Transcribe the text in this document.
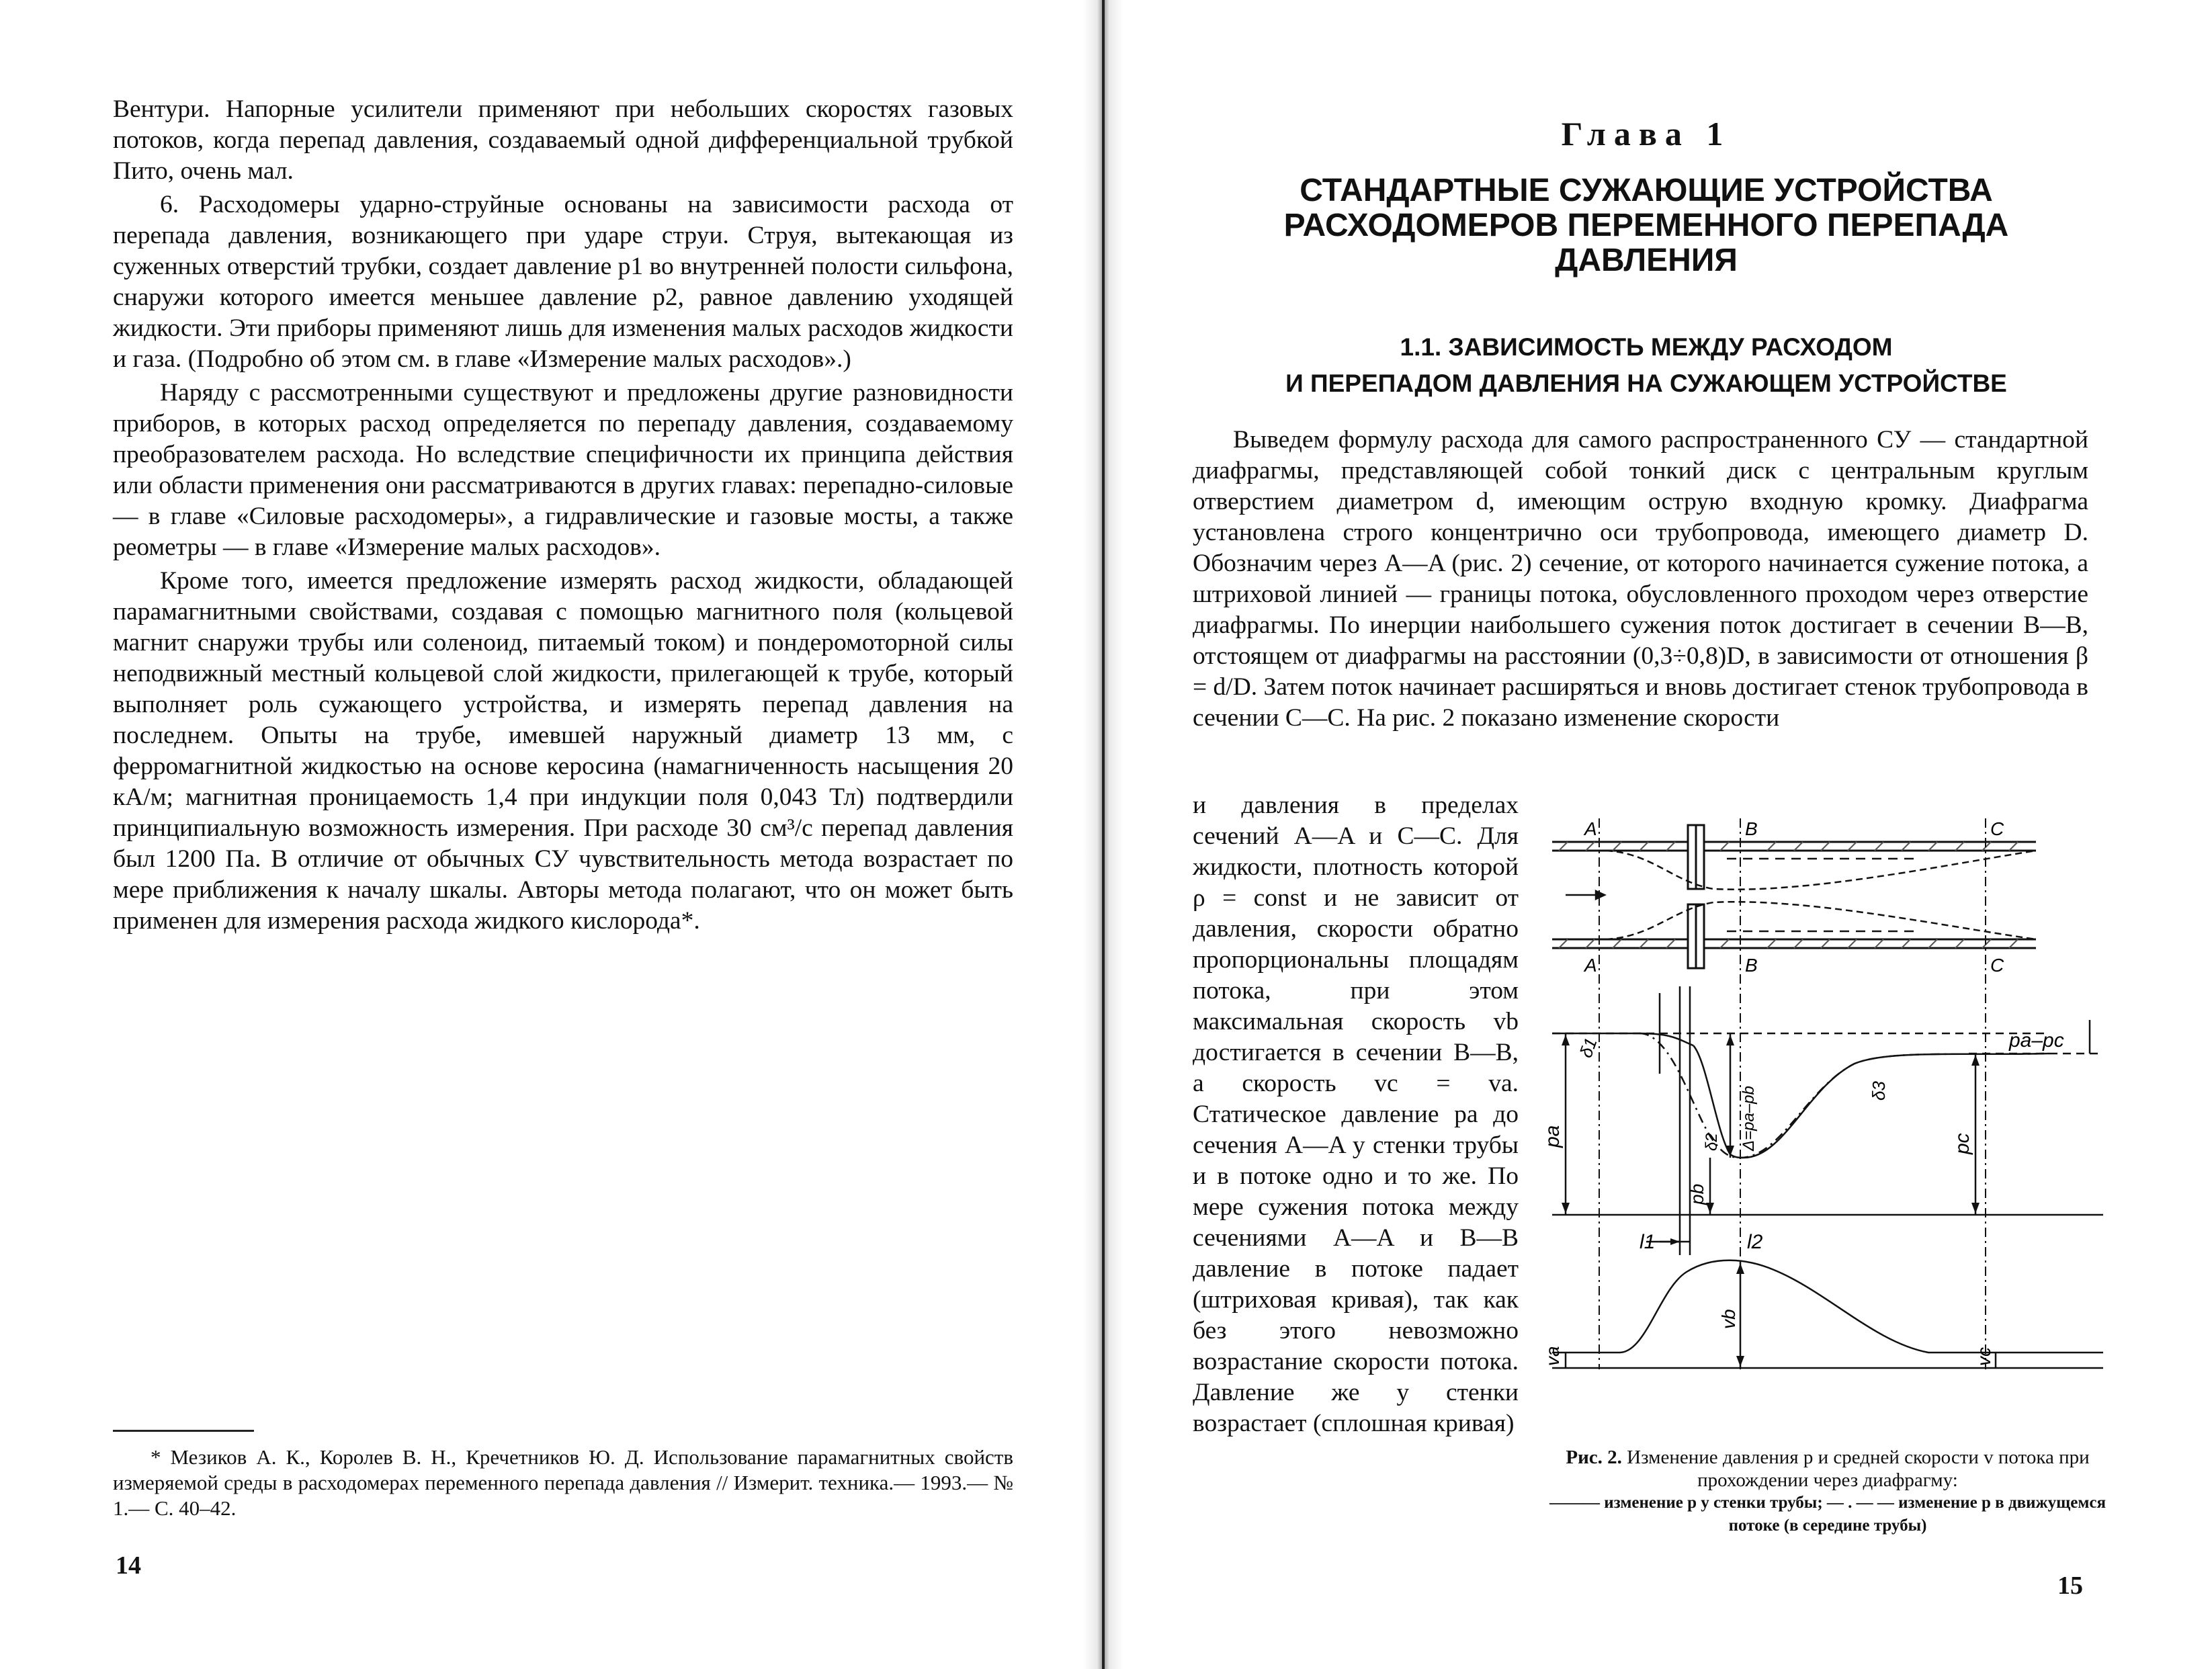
Вентури. Напорные усилители применяют при небольших скоростях газовых потоков, когда перепад давления, создаваемый одной дифференциальной трубкой Пито, очень мал.

6. Расходомеры ударно-струйные основаны на зависимости расхода от перепада давления, возникающего при ударе струи. Струя, вытекающая из суженных отверстий трубки, создает давление p1 во внутренней полости сильфона, снаружи которого имеется меньшее давление p2, равное давлению уходящей жидкости. Эти приборы применяют лишь для изменения малых расходов жидкости и газа. (Подробно об этом см. в главе «Измерение малых расходов».)

Наряду с рассмотренными существуют и предложены другие разновидности приборов, в которых расход определяется по перепаду давления, создаваемому преобразователем расхода. Но вследствие специфичности их принципа действия или области применения они рассматриваются в других главах: перепадно-силовые — в главе «Силовые расходомеры», а гидравлические и газовые мосты, а также реометры — в главе «Измерение малых расходов».

Кроме того, имеется предложение измерять расход жидкости, обладающей парамагнитными свойствами, создавая с помощью магнитного поля (кольцевой магнит снаружи трубы или соленоид, питаемый током) и пондеромоторной силы неподвижный местный кольцевой слой жидкости, прилегающей к трубе, который выполняет роль сужающего устройства, и измерять перепад давления на последнем. Опыты на трубе, имевшей наружный диаметр 13 мм, с ферромагнитной жидкостью на основе керосина (намагниченность насыщения 20 кА/м; магнитная проницаемость 1,4 при индукции поля 0,043 Тл) подтвердили принципиальную возможность измерения. При расходе 30 см³/с перепад давления был 1200 Па. В отличие от обычных СУ чувствительность метода возрастает по мере приближения к началу шкалы. Авторы метода полагают, что он может быть применен для измерения расхода жидкого кислорода*.

* Мезиков А. К., Королев В. Н., Кречетников Ю. Д. Использование парамагнитных свойств измеряемой среды в расходомерах переменного перепада давления // Измерит. техника.— 1993.— № 1.— С. 40–42.
14
Глава 1
СТАНДАРТНЫЕ СУЖАЮЩИЕ УСТРОЙСТВА
РАСХОДОМЕРОВ ПЕРЕМЕННОГО ПЕРЕПАДА
ДАВЛЕНИЯ
1.1. ЗАВИСИМОСТЬ МЕЖДУ РАСХОДОМ
И ПЕРЕПАДОМ ДАВЛЕНИЯ НА СУЖАЮЩЕМ УСТРОЙСТВЕ
Выведем формулу расхода для самого распространенного СУ — стандартной диафрагмы, представляющей собой тонкий диск с центральным круглым отверстием диаметром d, имеющим острую входную кромку. Диафрагма установлена строго концентрично оси трубопровода, имеющего диаметр D. Обозначим через A—A (рис. 2) сечение, от которого начинается сужение потока, а штриховой линией — границы потока, обусловленного проходом через отверстие диафрагмы. По инерции наибольшего сужения поток достигает в сечении B—B, отстоящем от диафрагмы на расстоянии (0,3÷0,8)D, в зависимости от отношения β = d/D. Затем поток начинает расширяться и вновь достигает стенок трубопровода в сечении C—C. На рис. 2 показано изменение скорости
и давления в пределах сечений A—A и C—C. Для жидкости, плотность которой ρ = const и не зависит от давления, скорости обратно пропорциональны площадям потока, при этом максимальная скорость vb достигается в сечении B—B, а скорость vc = va. Статическое давление pa до сечения A—A у стенки трубы и в потоке одно и то же. По мере сужения потока между сечениями A—A и B—B давление в потоке падает (штриховая кривая), так как без этого невозможно возрастание скорости потока. Давление же у стенки возрастает (сплошная кривая)
A	B	C
A	B	C
pa	pc
pb
Δ=pa–pb
pa–pc
δ1
δ2
δ3
l1	l2
va
vb
vc
Рис. 2. Изменение давления p и средней скорости v потока при прохождении через диафрагму:
——— изменение p у стенки трубы; — . — — изменение p в движущемся потоке (в середине трубы)
15
